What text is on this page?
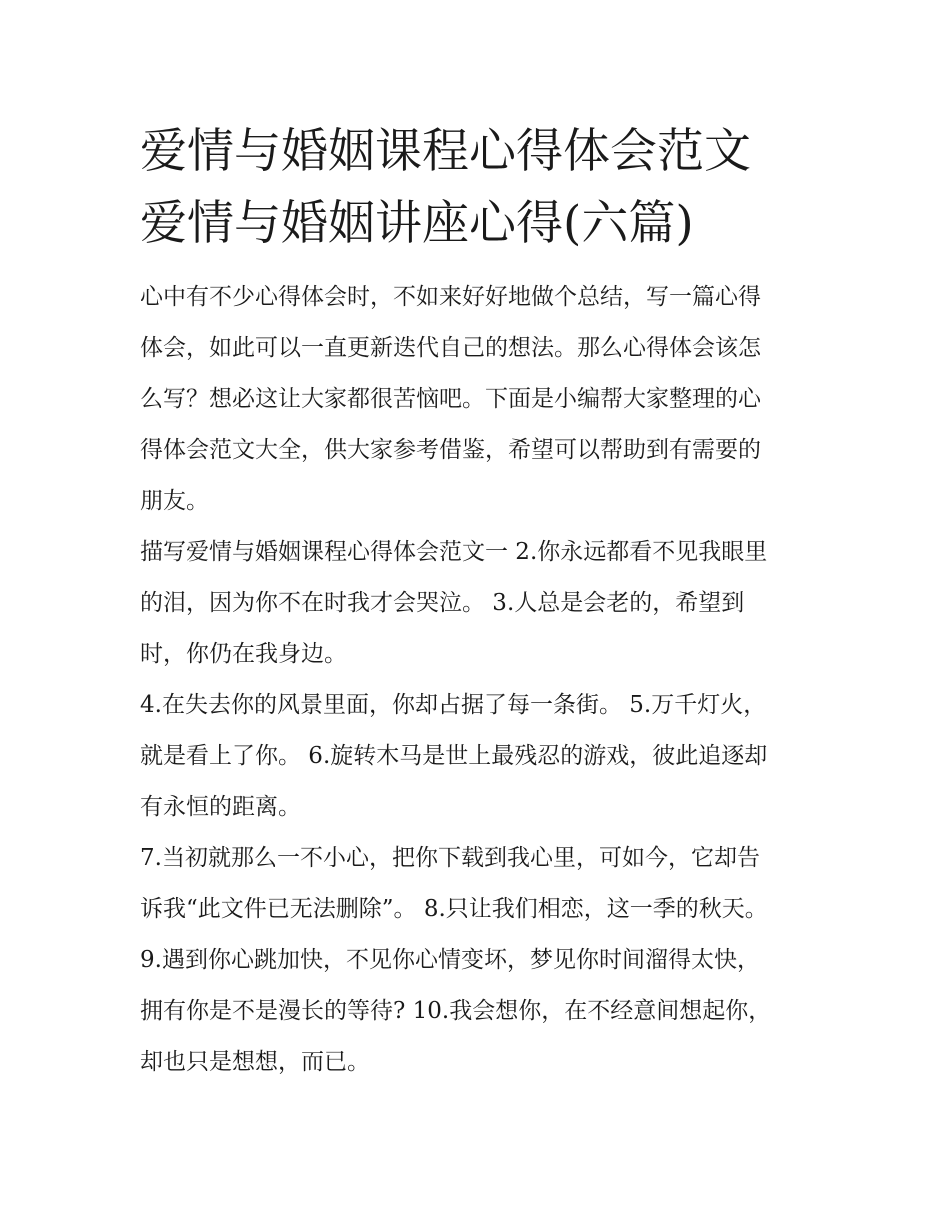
爱情与婚姻课程心得体会范文
爱情与婚姻讲座心得(六篇)

心中有不少心得体会时，不如来好好地做个总结，写一篇心得
体会，如此可以一直更新迭代自己的想法。那么心得体会该怎
么写？想必这让大家都很苦恼吧。下面是小编帮大家整理的心
得体会范文大全，供大家参考借鉴，希望可以帮助到有需要的
朋友。

描写爱情与婚姻课程心得体会范文一 2.你永远都看不见我眼里
的泪，因为你不在时我才会哭泣。 3.人总是会老的，希望到
时，你仍在我身边。

4.在失去你的风景里面，你却占据了每一条街。 5.万千灯火，
就是看上了你。 6.旋转木马是世上最残忍的游戏，彼此追逐却
有永恒的距离。

7.当初就那么一不小心，把你下载到我心里，可如今，它却告
诉我“此文件已无法删除”。 8.只让我们相恋，这一季的秋天。

9.遇到你心跳加快，不见你心情变坏，梦见你时间溜得太快，
拥有你是不是漫长的等待? 10.我会想你，在不经意间想起你，
却也只是想想，而已。
